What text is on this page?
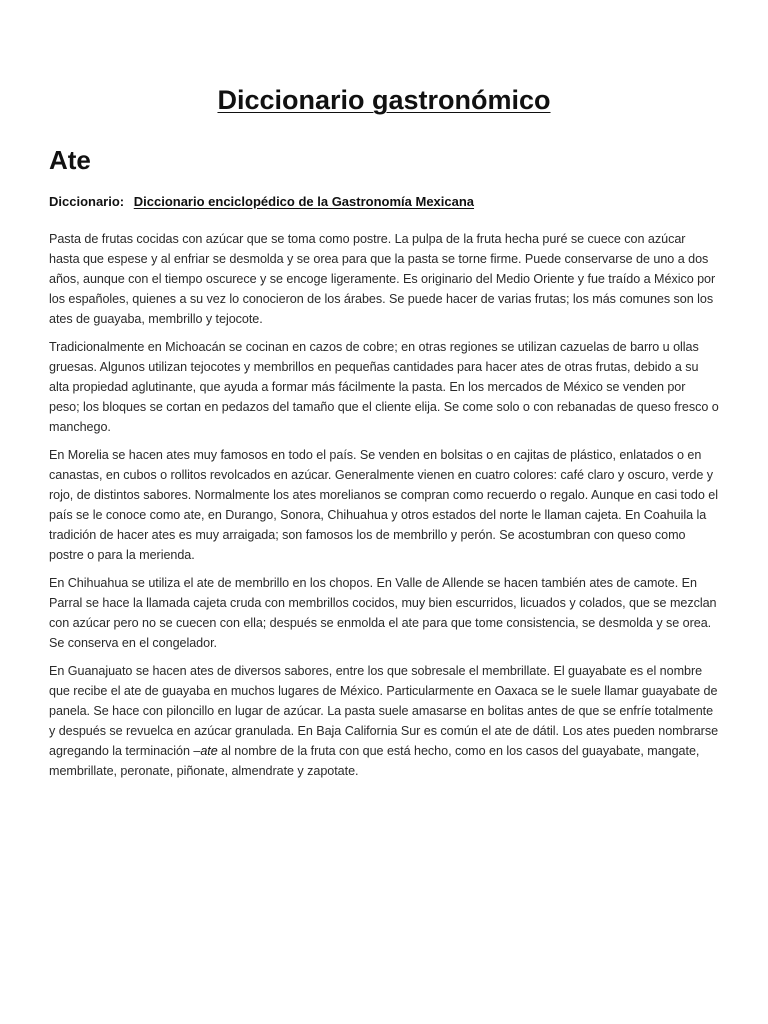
Diccionario gastronómico
Ate
Diccionario: Diccionario enciclopédico de la Gastronomía Mexicana

Pasta de frutas cocidas con azúcar que se toma como postre. La pulpa de la fruta hecha puré se cuece con azúcar hasta que espese y al enfriar se desmolda y se orea para que la pasta se torne firme. Puede conservarse de uno a dos años, aunque con el tiempo oscurece y se encoge ligeramente. Es originario del Medio Oriente y fue traído a México por los españoles, quienes a su vez lo conocieron de los árabes. Se puede hacer de varias frutas; los más comunes son los ates de guayaba, membrillo y tejocote.

Tradicionalmente en Michoacán se cocinan en cazos de cobre; en otras regiones se utilizan cazuelas de barro u ollas gruesas. Algunos utilizan tejocotes y membrillos en pequeñas cantidades para hacer ates de otras frutas, debido a su alta propiedad aglutinante, que ayuda a formar más fácilmente la pasta. En los mercados de México se venden por peso; los bloques se cortan en pedazos del tamaño que el cliente elija. Se come solo o con rebanadas de queso fresco o manchego.

En Morelia se hacen ates muy famosos en todo el país. Se venden en bolsitas o en cajitas de plástico, enlatados o en canastas, en cubos o rollitos revolcados en azúcar. Generalmente vienen en cuatro colores: café claro y oscuro, verde y rojo, de distintos sabores. Normalmente los ates morelianos se compran como recuerdo o regalo. Aunque en casi todo el país se le conoce como ate, en Durango, Sonora, Chihuahua y otros estados del norte le llaman cajeta. En Coahuila la tradición de hacer ates es muy arraigada; son famosos los de membrillo y perón. Se acostumbran con queso como postre o para la merienda.

En Chihuahua se utiliza el ate de membrillo en los chopos. En Valle de Allende se hacen también ates de camote. En Parral se hace la llamada cajeta cruda con membrillos cocidos, muy bien escurridos, licuados y colados, que se mezclan con azúcar pero no se cuecen con ella; después se enmolda el ate para que tome consistencia, se desmolda y se orea. Se conserva en el congelador.

En Guanajuato se hacen ates de diversos sabores, entre los que sobresale el membrillate. El guayabate es el nombre que recibe el ate de guayaba en muchos lugares de México. Particularmente en Oaxaca se le suele llamar guayabate de panela. Se hace con piloncillo en lugar de azúcar. La pasta suele amasarse en bolitas antes de que se enfríe totalmente y después se revuelca en azúcar granulada. En Baja California Sur es común el ate de dátil. Los ates pueden nombrarse agregando la terminación –ate al nombre de la fruta con que está hecho, como en los casos del guayabate, mangate, membrillate, peronate, piñonate, almendrate y zapotate.
